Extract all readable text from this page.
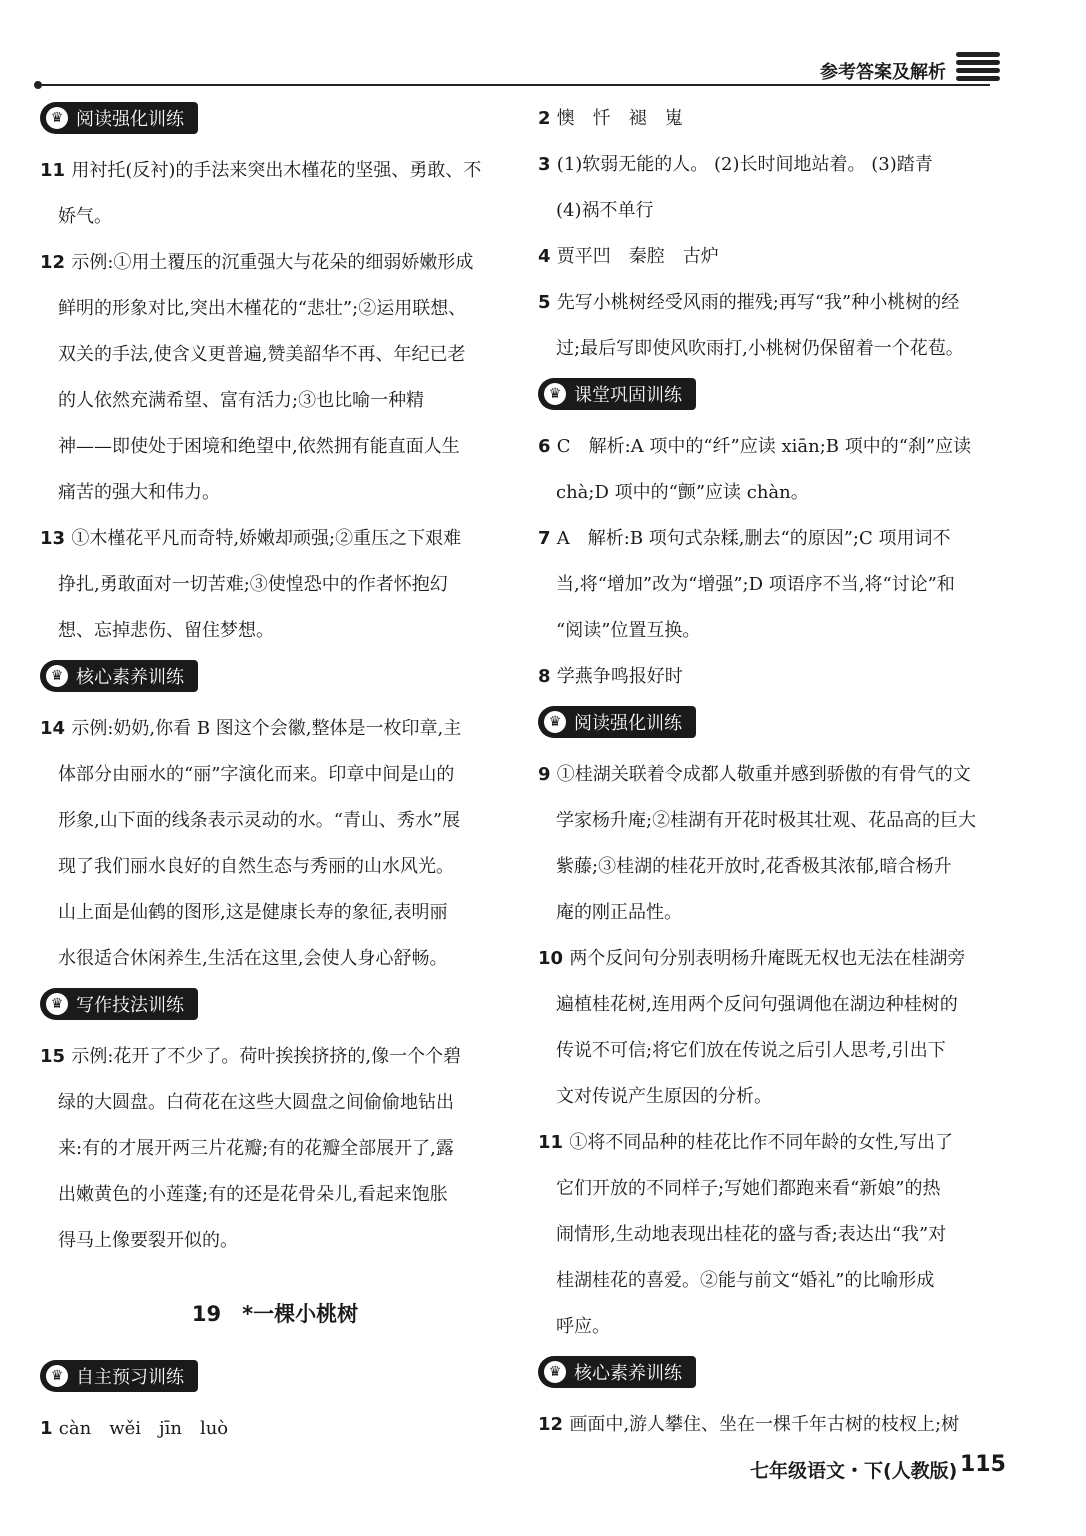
参考答案及解析
♛ 阅读强化训练
11 用衬托(反衬)的手法来突出木槿花的坚强、勇敢、不
娇气。
12 示例:①用土覆压的沉重强大与花朵的细弱娇嫩形成
鲜明的形象对比,突出木槿花的“悲壮”;②运用联想、
双关的手法,使含义更普遍,赞美韶华不再、年纪已老
的人依然充满希望、富有活力;③也比喻一种精
神——即使处于困境和绝望中,依然拥有能直面人生
痛苦的强大和伟力。
13 ①木槿花平凡而奇特,娇嫩却顽强;②重压之下艰难
挣扎,勇敢面对一切苦难;③使惶恐中的作者怀抱幻
想、忘掉悲伤、留住梦想。
♛ 核心素养训练
14 示例:奶奶,你看 B 图这个会徽,整体是一枚印章,主
体部分由丽水的“丽”字演化而来。印章中间是山的
形象,山下面的线条表示灵动的水。“青山、秀水”展
现了我们丽水良好的自然生态与秀丽的山水风光。
山上面是仙鹤的图形,这是健康长寿的象征,表明丽
水很适合休闲养生,生活在这里,会使人身心舒畅。
♛ 写作技法训练
15 示例:花开了不少了。荷叶挨挨挤挤的,像一个个碧
绿的大圆盘。白荷花在这些大圆盘之间偷偷地钻出
来:有的才展开两三片花瓣;有的花瓣全部展开了,露
出嫩黄色的小莲蓬;有的还是花骨朵儿,看起来饱胀
得马上像要裂开似的。
19　*一棵小桃树
♛ 自主预习训练
1 càn　wěi　jīn　luò
2 懊　忏　褪　嵬
3 (1)软弱无能的人。 (2)长时间地站着。 (3)踏青
(4)祸不单行
4 贾平凹　秦腔　古炉
5 先写小桃树经受风雨的摧残;再写“我”种小桃树的经
过;最后写即使风吹雨打,小桃树仍保留着一个花苞。
♛ 课堂巩固训练
6 C　解析:A 项中的“纤”应读 xiān;B 项中的“刹”应读
chà;D 项中的“颤”应读 chàn。
7 A　解析:B 项句式杂糅,删去“的原因”;C 项用词不
当,将“增加”改为“增强”;D 项语序不当,将“讨论”和
“阅读”位置互换。
8 学燕争鸣报好时
♛ 阅读强化训练
9 ①桂湖关联着令成都人敬重并感到骄傲的有骨气的文
学家杨升庵;②桂湖有开花时极其壮观、花品高的巨大
紫藤;③桂湖的桂花开放时,花香极其浓郁,暗合杨升
庵的刚正品性。
10 两个反问句分别表明杨升庵既无权也无法在桂湖旁
遍植桂花树,连用两个反问句强调他在湖边种桂树的
传说不可信;将它们放在传说之后引人思考,引出下
文对传说产生原因的分析。
11 ①将不同品种的桂花比作不同年龄的女性,写出了
它们开放的不同样子;写她们都跑来看“新娘”的热
闹情形,生动地表现出桂花的盛与香;表达出“我”对
桂湖桂花的喜爱。②能与前文“婚礼”的比喻形成
呼应。
♛ 核心素养训练
12 画面中,游人攀住、坐在一棵千年古树的枝杈上;树
七年级语文・下(人教版) 115
